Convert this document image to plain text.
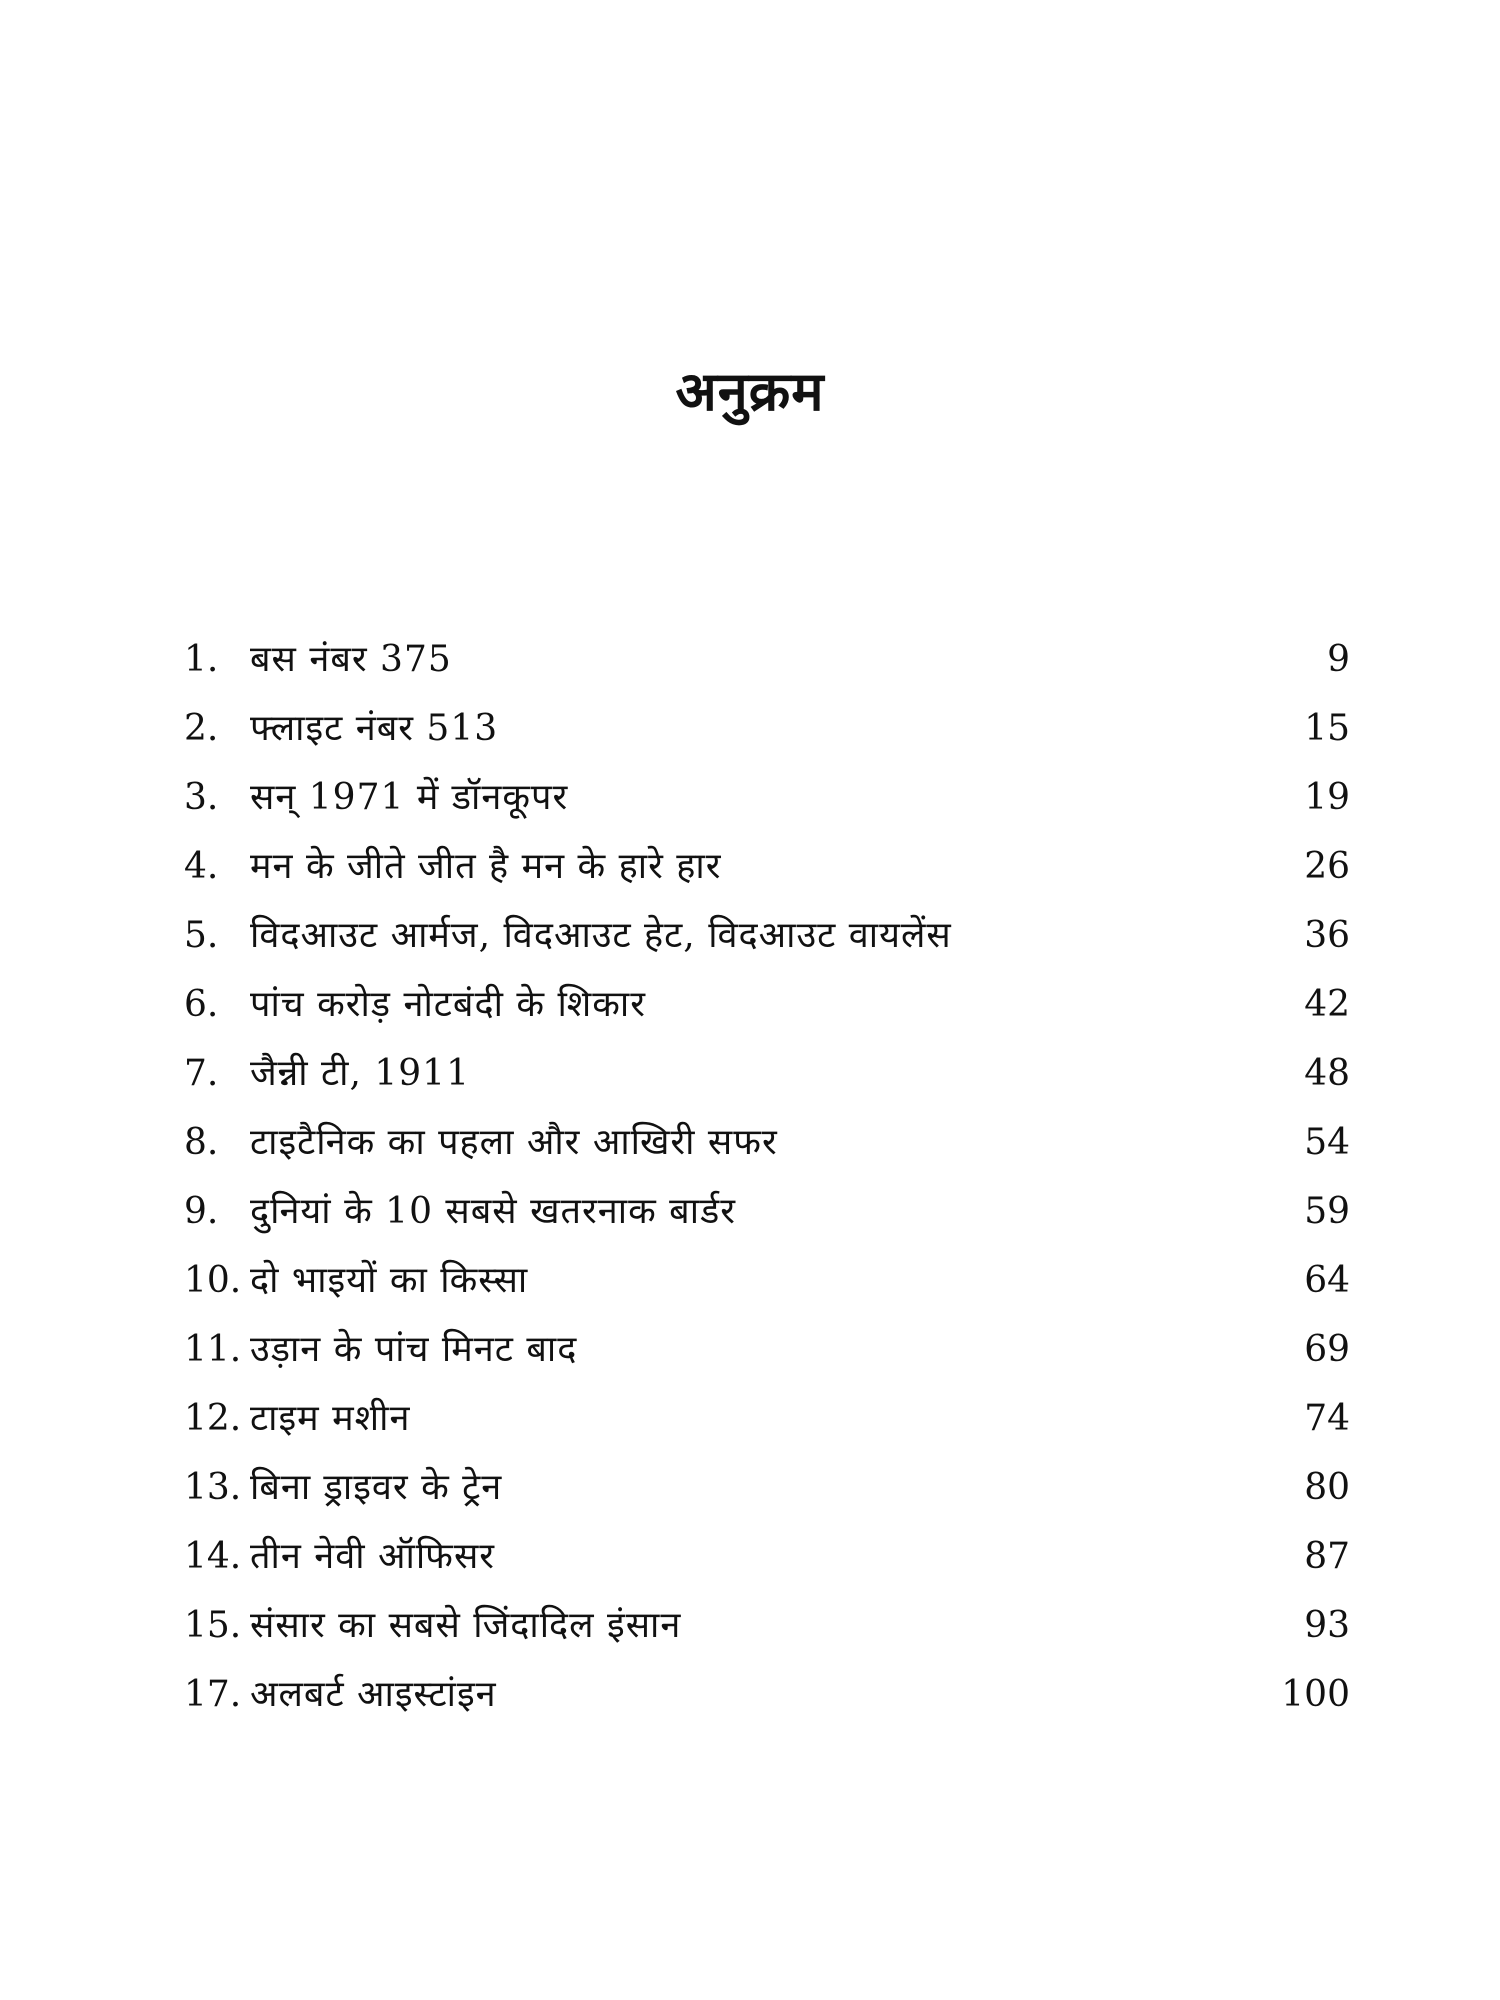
अनुक्रम
1. बस नंबर 375	9
2. फ्लाइट नंबर 513	15
3. सन् 1971 में डॉनकूपर	19
4. मन के जीते जीत है मन के हारे हार	26
5. विदआउट आर्मज, विदआउट हेट, विदआउट वायलेंस	36
6. पांच करोड़ नोटबंदी के शिकार	42
7. जैन्नी टी, 1911	48
8. टाइटैनिक का पहला और आखिरी सफर	54
9. दुनियां के 10 सबसे खतरनाक बार्डर	59
10. दो भाइयों का किस्सा	64
11. उड़ान के पांच मिनट बाद	69
12. टाइम मशीन	74
13. बिना ड्राइवर के ट्रेन	80
14. तीन नेवी ऑफिसर	87
15. संसार का सबसे जिंदादिल इंसान	93
17. अलबर्ट आइस्टांइन	100
